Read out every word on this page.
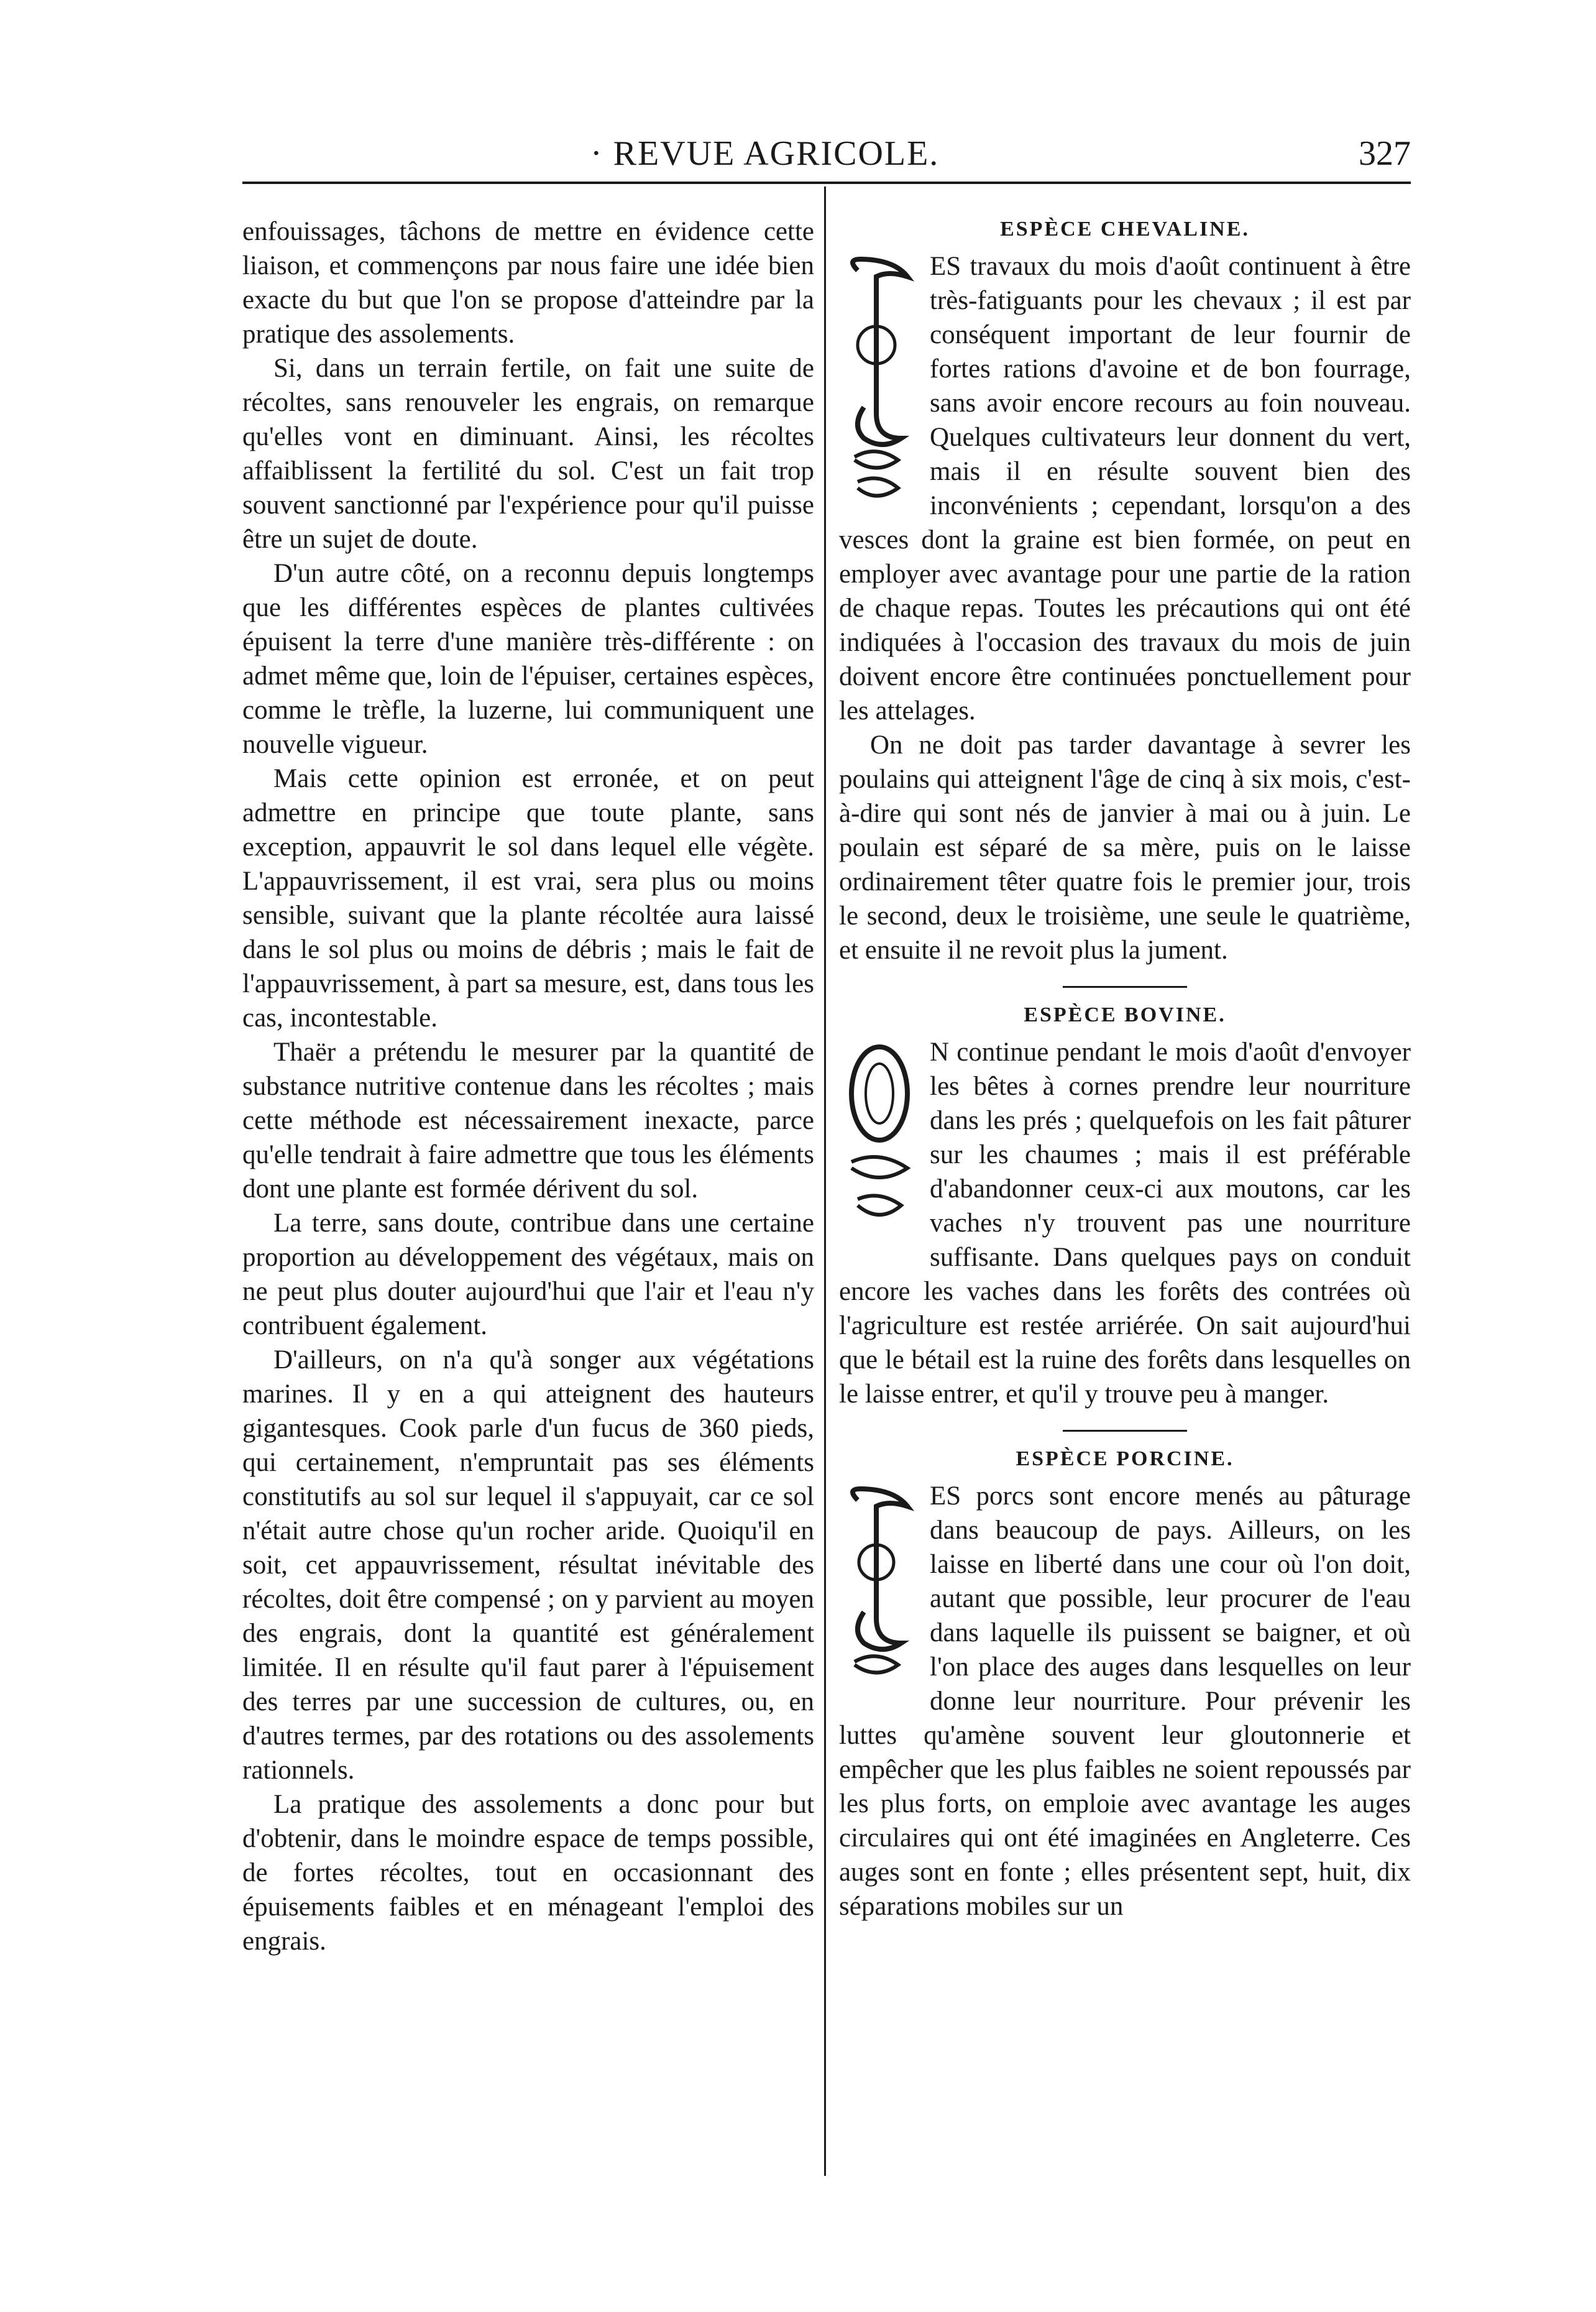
· REVUE AGRICOLE.	327

enfouissages, tâchons de mettre en évidence cette liaison, et commençons par nous faire une idée bien exacte du but que l'on se propose d'atteindre par la pratique des assolements.

Si, dans un terrain fertile, on fait une suite de récoltes, sans renouveler les engrais, on remarque qu'elles vont en diminuant. Ainsi, les récoltes affaiblissent la fertilité du sol. C'est un fait trop souvent sanctionné par l'expérience pour qu'il puisse être un sujet de doute.

D'un autre côté, on a reconnu depuis longtemps que les différentes espèces de plantes cultivées épuisent la terre d'une manière très-différente : on admet même que, loin de l'épuiser, certaines espèces, comme le trèfle, la luzerne, lui communiquent une nouvelle vigueur.

Mais cette opinion est erronée, et on peut admettre en principe que toute plante, sans exception, appauvrit le sol dans lequel elle végète. L'appauvrissement, il est vrai, sera plus ou moins sensible, suivant que la plante récoltée aura laissé dans le sol plus ou moins de débris ; mais le fait de l'appauvrissement, à part sa mesure, est, dans tous les cas, incontestable.

Thaër a prétendu le mesurer par la quantité de substance nutritive contenue dans les récoltes ; mais cette méthode est nécessairement inexacte, parce qu'elle tendrait à faire admettre que tous les éléments dont une plante est formée dérivent du sol.

La terre, sans doute, contribue dans une certaine proportion au développement des végétaux, mais on ne peut plus douter aujourd'hui que l'air et l'eau n'y contribuent également.

D'ailleurs, on n'a qu'à songer aux végétations marines. Il y en a qui atteignent des hauteurs gigantesques. Cook parle d'un fucus de 360 pieds, qui certainement, n'empruntait pas ses éléments constitutifs au sol sur lequel il s'appuyait, car ce sol n'était autre chose qu'un rocher aride. Quoiqu'il en soit, cet appauvrissement, résultat inévitable des récoltes, doit être compensé ; on y parvient au moyen des engrais, dont la quantité est généralement limitée. Il en résulte qu'il faut parer à l'épuisement des terres par une succession de cultures, ou, en d'autres termes, par des rotations ou des assolements rationnels.

La pratique des assolements a donc pour but d'obtenir, dans le moindre espace de temps possible, de fortes récoltes, tout en occasionnant des épuisements faibles et en ménageant l'emploi des engrais.

ESPÈCE CHEVALINE.

ES travaux du mois d'août continuent à être très-fatiguants pour les chevaux ; il est par conséquent important de leur fournir de fortes rations d'avoine et de bon fourrage, sans avoir encore recours au foin nouveau. Quelques cultivateurs leur donnent du vert, mais il en résulte souvent bien des inconvénients ; cependant, lorsqu'on a des vesces dont la graine est bien formée, on peut en employer avec avantage pour une partie de la ration de chaque repas. Toutes les précautions qui ont été indiquées à l'occasion des travaux du mois de juin doivent encore être continuées ponctuellement pour les attelages.

On ne doit pas tarder davantage à sevrer les poulains qui atteignent l'âge de cinq à six mois, c'est-à-dire qui sont nés de janvier à mai ou à juin. Le poulain est séparé de sa mère, puis on le laisse ordinairement têter quatre fois le premier jour, trois le second, deux le troisième, une seule le quatrième, et ensuite il ne revoit plus la jument.

ESPÈCE BOVINE.

N continue pendant le mois d'août d'envoyer les bêtes à cornes prendre leur nourriture dans les prés ; quelquefois on les fait pâturer sur les chaumes ; mais il est préférable d'abandonner ceux-ci aux moutons, car les vaches n'y trouvent pas une nourriture suffisante. Dans quelques pays on conduit encore les vaches dans les forêts des contrées où l'agriculture est restée arriérée. On sait aujourd'hui que le bétail est la ruine des forêts dans lesquelles on le laisse entrer, et qu'il y trouve peu à manger.

ESPÈCE PORCINE.

ES porcs sont encore menés au pâturage dans beaucoup de pays. Ailleurs, on les laisse en liberté dans une cour où l'on doit, autant que possible, leur procurer de l'eau dans laquelle ils puissent se baigner, et où l'on place des auges dans lesquelles on leur donne leur nourriture. Pour prévenir les luttes qu'amène souvent leur gloutonnerie et empêcher que les plus faibles ne soient repoussés par les plus forts, on emploie avec avantage les auges circulaires qui ont été imaginées en Angleterre. Ces auges sont en fonte ; elles présentent sept, huit, dix séparations mobiles sur un
